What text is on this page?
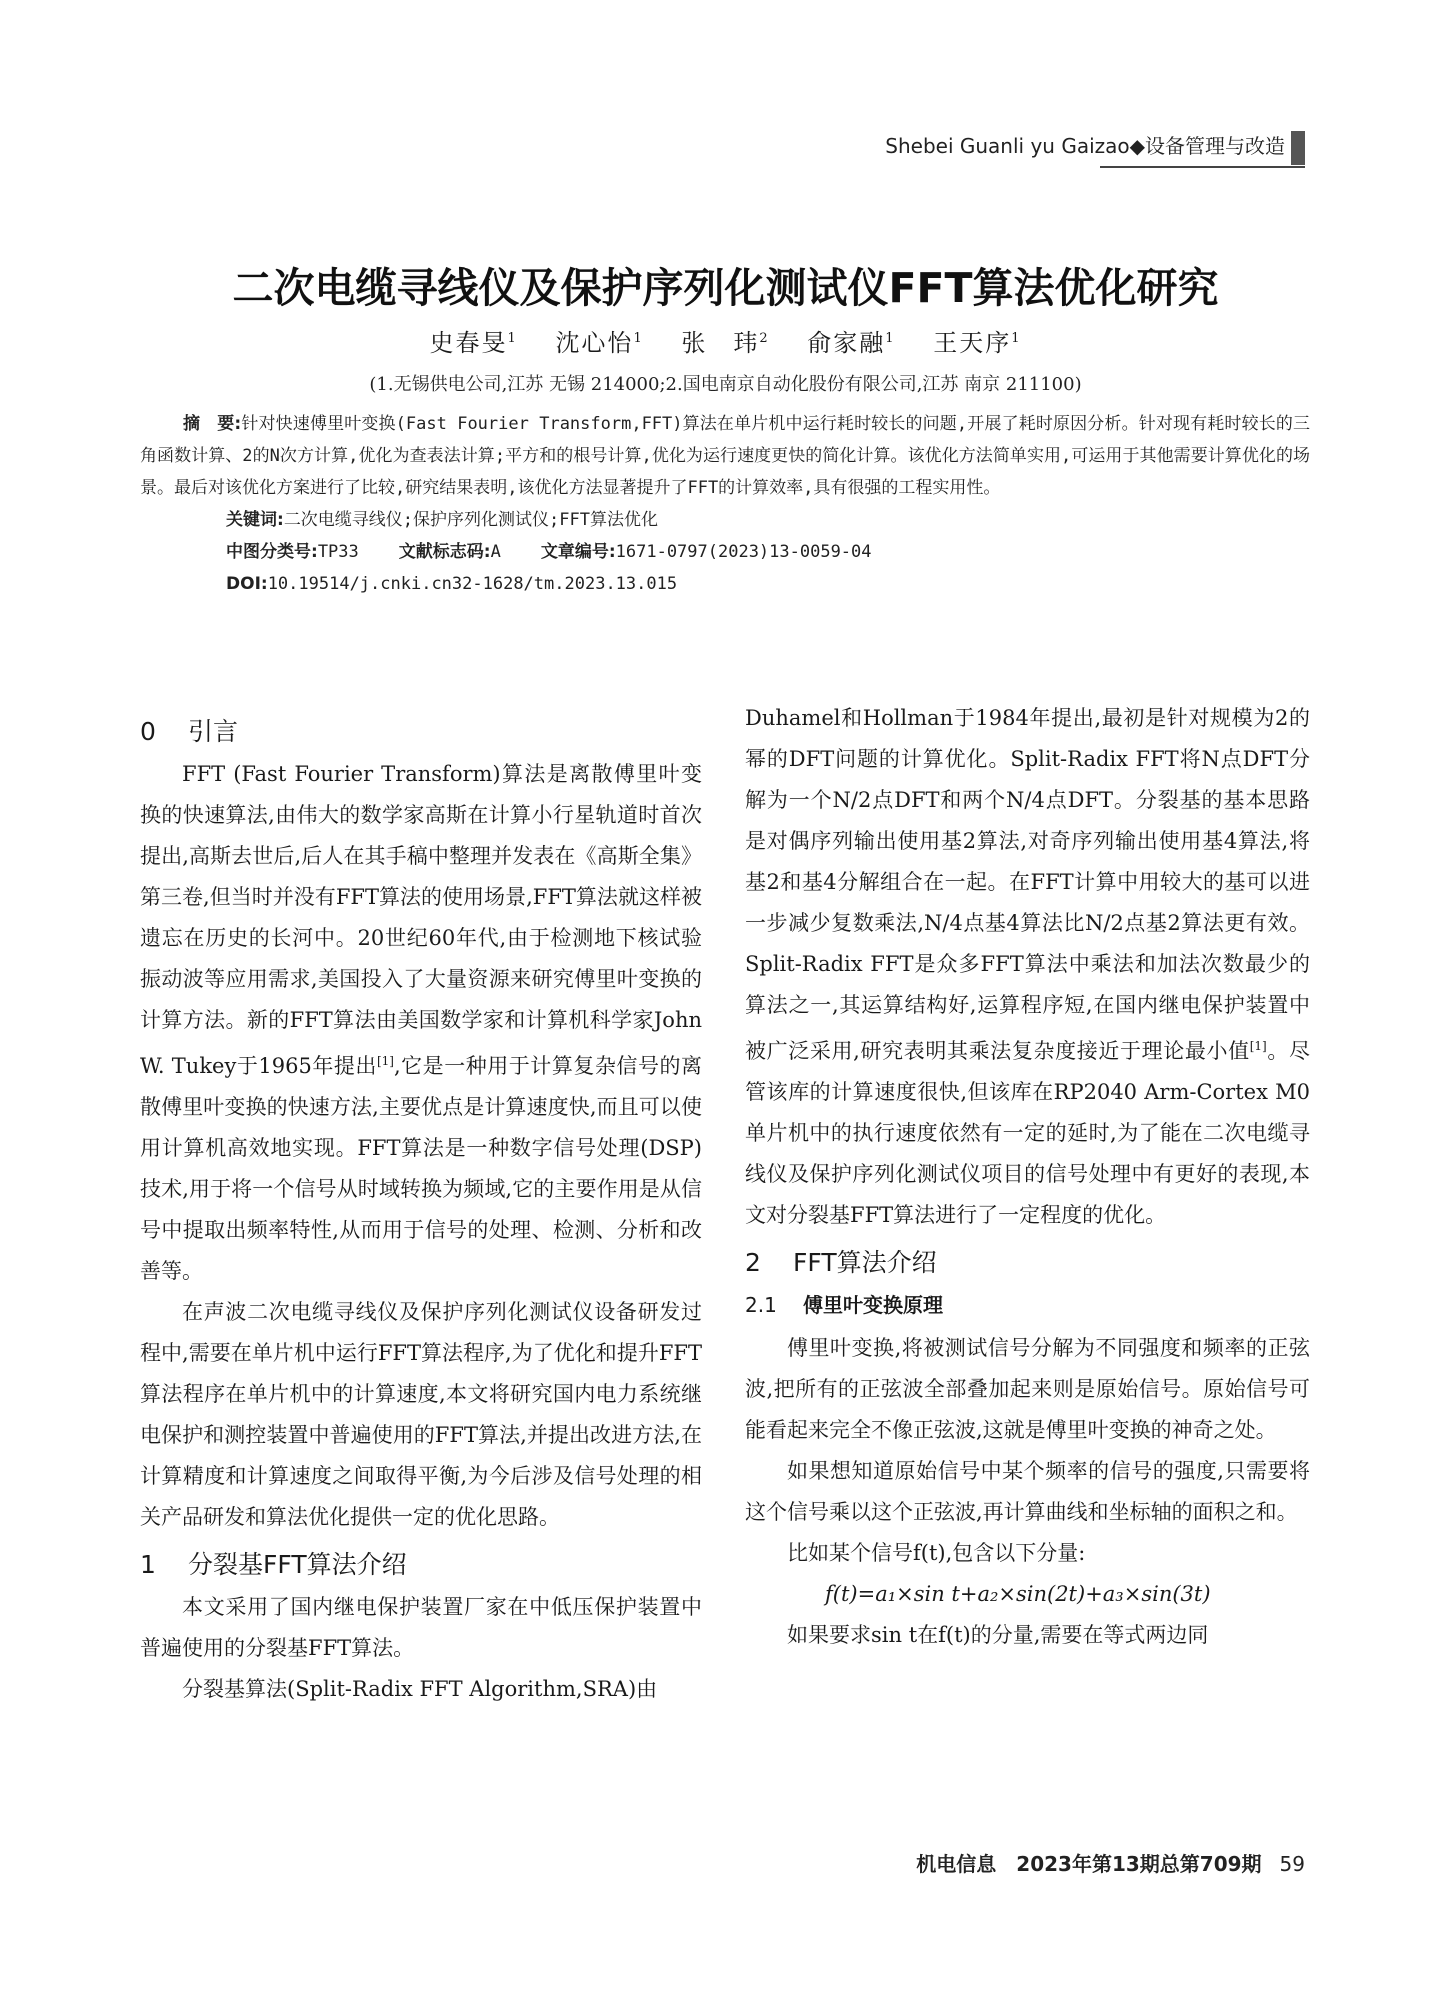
Shebei Guanli yu Gaizao◆设备管理与改造
二次电缆寻线仪及保护序列化测试仪FFT算法优化研究
史春旻$^1$ 沈心怡$^1$ 张　玮$^2$ 俞家融$^1$ 王天序$^1$
(1.无锡供电公司,江苏 无锡 214000;2.国电南京自动化股份有限公司,江苏 南京 211100)

摘　要:针对快速傅里叶变换(Fast Fourier Transform,FFT)算法在单片机中运行耗时较长的问题,开展了耗时原因分析。针对现有耗时较长的三角函数计算、2的N次方计算,优化为查表法计算;平方和的根号计算,优化为运行速度更快的简化计算。该优化方法简单实用,可运用于其他需要计算优化的场景。最后对该优化方案进行了比较,研究结果表明,该优化方法显著提升了FFT的计算效率,具有很强的工程实用性。

关键词:二次电缆寻线仪;保护序列化测试仪;FFT算法优化

中图分类号:TP33 文献标志码:A 文章编号:1671-0797(2023)13-0059-04

DOI:10.19514/j.cnki.cn32-1628/tm.2023.13.015

0 引言

FFT (Fast Fourier Transform)算法是离散傅里叶变换的快速算法,由伟大的数学家高斯在计算小行星轨道时首次提出,高斯去世后,后人在其手稿中整理并发表在《高斯全集》第三卷,但当时并没有FFT算法的使用场景,FFT算法就这样被遗忘在历史的长河中。20世纪60年代,由于检测地下核试验振动波等应用需求,美国投入了大量资源来研究傅里叶变换的计算方法。新的FFT算法由美国数学家和计算机科学家John W. Tukey于1965年提出[1],它是一种用于计算复杂信号的离散傅里叶变换的快速方法,主要优点是计算速度快,而且可以使用计算机高效地实现。FFT算法是一种数字信号处理(DSP)技术,用于将一个信号从时域转换为频域,它的主要作用是从信号中提取出频率特性,从而用于信号的处理、检测、分析和改善等。

在声波二次电缆寻线仪及保护序列化测试仪设备研发过程中,需要在单片机中运行FFT算法程序,为了优化和提升FFT算法程序在单片机中的计算速度,本文将研究国内电力系统继电保护和测控装置中普遍使用的FFT算法,并提出改进方法,在计算精度和计算速度之间取得平衡,为今后涉及信号处理的相关产品研发和算法优化提供一定的优化思路。

1 分裂基FFT算法介绍

本文采用了国内继电保护装置厂家在中低压保护装置中普遍使用的分裂基FFT算法。

分裂基算法(Split-Radix FFT Algorithm,SRA)由

Duhamel和Hollman于1984年提出,最初是针对规模为2的幂的DFT问题的计算优化。Split-Radix FFT将N点DFT分解为一个N/2点DFT和两个N/4点DFT。分裂基的基本思路是对偶序列输出使用基2算法,对奇序列输出使用基4算法,将基2和基4分解组合在一起。在FFT计算中用较大的基可以进一步减少复数乘法,N/4点基4算法比N/2点基2算法更有效。Split-Radix FFT是众多FFT算法中乘法和加法次数最少的算法之一,其运算结构好,运算程序短,在国内继电保护装置中被广泛采用,研究表明其乘法复杂度接近于理论最小值[1]。尽管该库的计算速度很快,但该库在RP2040 Arm-Cortex M0单片机中的执行速度依然有一定的延时,为了能在二次电缆寻线仪及保护序列化测试仪项目的信号处理中有更好的表现,本文对分裂基FFT算法进行了一定程度的优化。

2 FFT算法介绍
2.1 傅里叶变换原理

傅里叶变换,将被测试信号分解为不同强度和频率的正弦波,把所有的正弦波全部叠加起来则是原始信号。原始信号可能看起来完全不像正弦波,这就是傅里叶变换的神奇之处。

如果想知道原始信号中某个频率的信号的强度,只需要将这个信号乘以这个正弦波,再计算曲线和坐标轴的面积之和。

比如某个信号f(t),包含以下分量:

f(t)=a₁×sin t+a₂×sin(2t)+a₃×sin(3t)

如果要求sin t在f(t)的分量,需要在等式两边同

机电信息　2023年第13期总第709期 59
